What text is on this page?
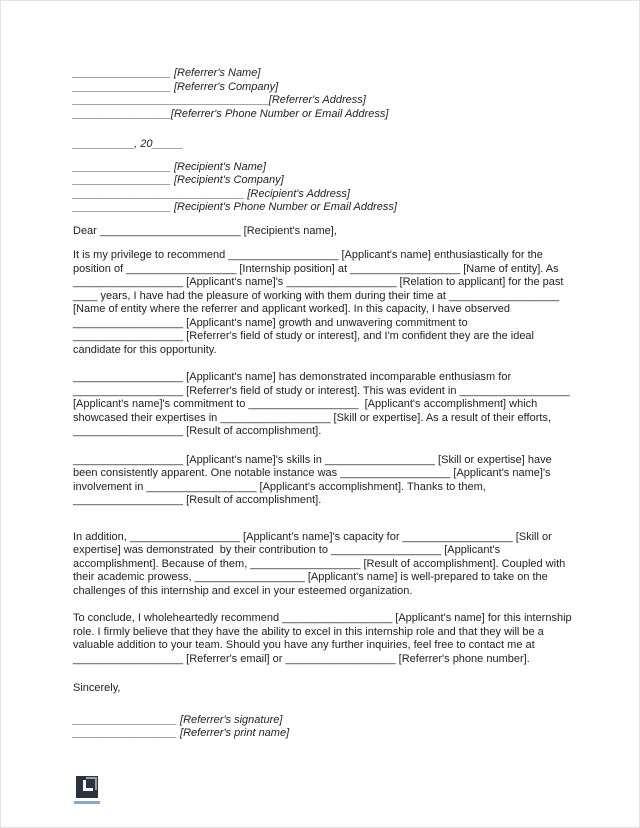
________________ [Referrer's Name]
________________ [Referrer's Company]
________________________________[Referrer's Address]
________________[Referrer's Phone Number or Email Address]
__________, 20_____
________________ [Recipient's Name]
________________ [Recipient's Company]
____________________________ [Recipient's Address]
________________ [Recipient's Phone Number or Email Address]
Dear _______________________ [Recipient's name],
It is my privilege to recommend __________________ [Applicant's name] enthusiastically for the
position of __________________ [Internship position] at __________________ [Name of entity]. As
__________________ [Applicant's name]'s __________________ [Relation to applicant] for the past
____ years, I have had the pleasure of working with them during their time at __________________
[Name of entity where the referrer and applicant worked]. In this capacity, I have observed
__________________ [Applicant's name] growth and unwavering commitment to
__________________ [Referrer's field of study or interest], and I'm confident they are the ideal
candidate for this opportunity.
__________________ [Applicant's name] has demonstrated incomparable enthusiasm for
__________________ [Referrer's field of study or interest]. This was evident in __________________
[Applicant's name]'s commitment to __________________  [Applicant's accomplishment] which
showcased their expertises in __________________ [Skill or expertise]. As a result of their efforts,
__________________ [Result of accomplishment].
__________________ [Applicant's name]'s skills in __________________ [Skill or expertise] have
been consistently apparent. One notable instance was __________________ [Applicant's name]'s
involvement in __________________ [Applicant's accomplishment]. Thanks to them,
__________________ [Result of accomplishment].
In addition, __________________ [Applicant's name]'s capacity for __________________ [Skill or
expertise] was demonstrated  by their contribution to __________________ [Applicant's
accomplishment]. Because of them, __________________ [Result of accomplishment]. Coupled with
their academic prowess, __________________ [Applicant's name] is well-prepared to take on the
challenges of this internship and excel in your esteemed organization.
To conclude, I wholeheartedly recommend __________________ [Applicant's name] for this internship
role. I firmly believe that they have the ability to excel in this internship role and that they will be a
valuable addition to your team. Should you have any further inquiries, feel free to contact me at
__________________ [Referrer's email] or __________________ [Referrer's phone number].
Sincerely,
_________________ [Referrer's signature]
_________________ [Referrer's print name]
